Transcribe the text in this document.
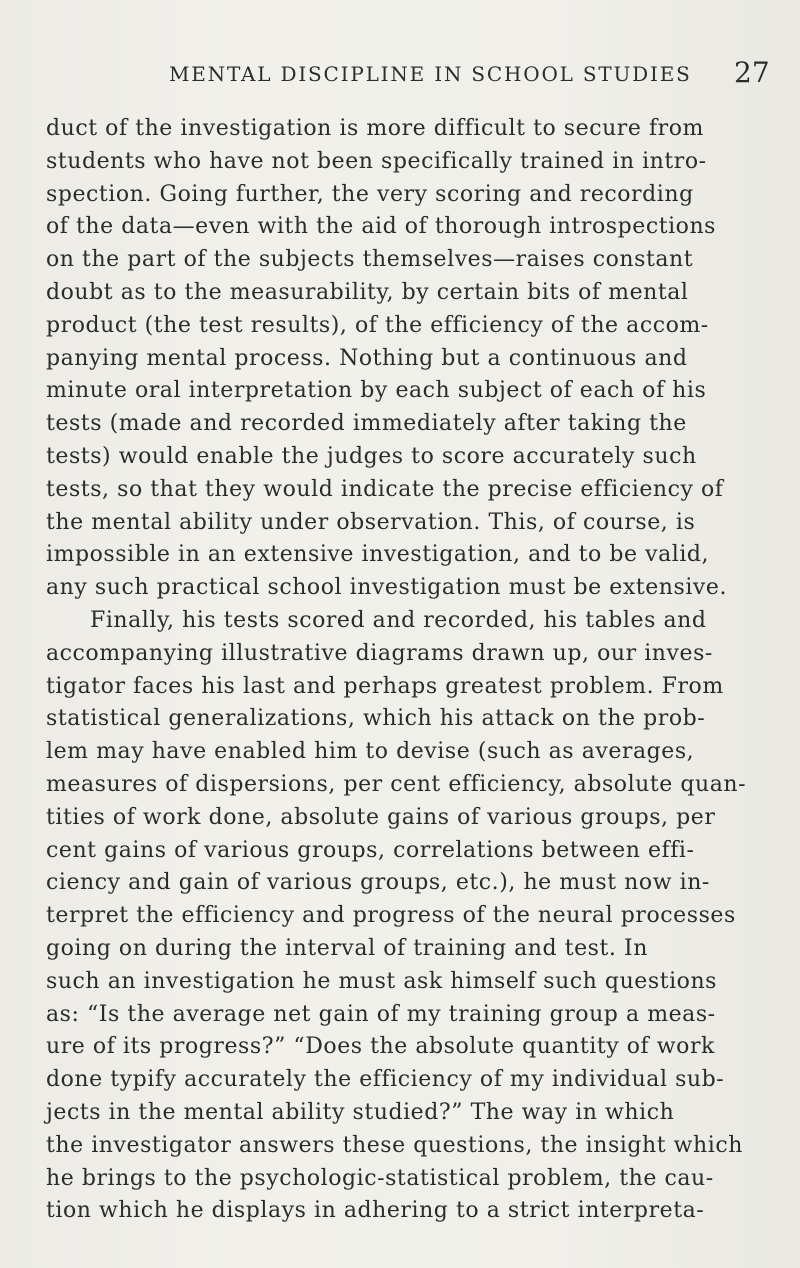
MENTAL DISCIPLINE IN SCHOOL STUDIES 27
duct of the investigation is more difficult to secure from
students who have not been specifically trained in intro-
spection. Going further, the very scoring and recording
of the data—even with the aid of thorough introspections
on the part of the subjects themselves—raises constant
doubt as to the measurability, by certain bits of mental
product (the test results), of the efficiency of the accom-
panying mental process. Nothing but a continuous and
minute oral interpretation by each subject of each of his
tests (made and recorded immediately after taking the
tests) would enable the judges to score accurately such
tests, so that they would indicate the precise efficiency of
the mental ability under observation. This, of course, is
impossible in an extensive investigation, and to be valid,
any such practical school investigation must be extensive.
Finally, his tests scored and recorded, his tables and
accompanying illustrative diagrams drawn up, our inves-
tigator faces his last and perhaps greatest problem. From
statistical generalizations, which his attack on the prob-
lem may have enabled him to devise (such as averages,
measures of dispersions, per cent efficiency, absolute quan-
tities of work done, absolute gains of various groups, per
cent gains of various groups, correlations between effi-
ciency and gain of various groups, etc.), he must now in-
terpret the efficiency and progress of the neural processes
going on during the interval of training and test. In
such an investigation he must ask himself such questions
as: “Is the average net gain of my training group a meas-
ure of its progress?” “Does the absolute quantity of work
done typify accurately the efficiency of my individual sub-
jects in the mental ability studied?” The way in which
the investigator answers these questions, the insight which
he brings to the psychologic-statistical problem, the cau-
tion which he displays in adhering to a strict interpreta-
